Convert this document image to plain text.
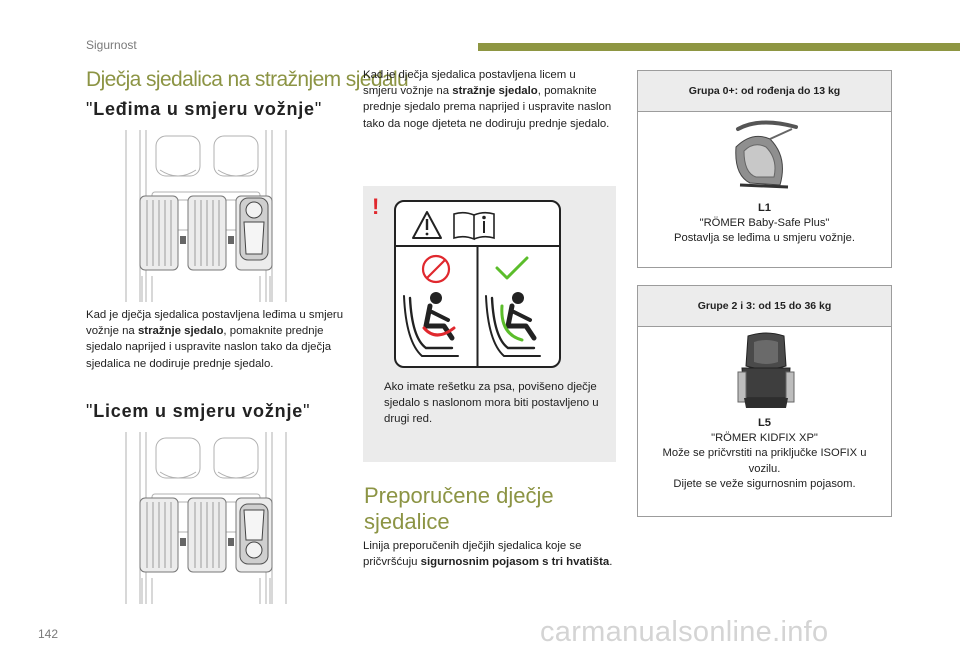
Sigurnost
Dječja sjedalica na stražnjem sjedalu
"Leđima u smjeru vožnje"
Kad je dječja sjedalica postavljena leđima u smjeru vožnje na stražnje sjedalo, pomaknite prednje sjedalo naprijed i uspravite naslon tako da dječja sjedalica ne dodiruje prednje sjedalo.
"Licem u smjeru vožnje"
Kad je dječja sjedalica postavljena licem u smjeru vožnje na stražnje sjedalo, pomaknite prednje sjedalo prema naprijed i uspravite naslon tako da noge djeteta ne dodiruju prednje sjedalo.
!
Ako imate rešetku za psa, povišeno dječje sjedalo s naslonom mora biti postavljeno u drugi red.
Preporučene dječje sjedalice
Linija preporučenih dječjih sjedalica koje se pričvršćuju sigurnosnim pojasom s tri hvatišta.
Grupa 0+: od rođenja do 13 kg
L1
"RÖMER Baby-Safe Plus"
Postavlja se leđima u smjeru vožnje.
Grupe 2 i 3: od 15 do 36 kg
L5
"RÖMER KIDFIX XP"
Može se pričvrstiti na priključke ISOFIX u vozilu.
Dijete se veže sigurnosnim pojasom.
142	carmanualsonline.info
